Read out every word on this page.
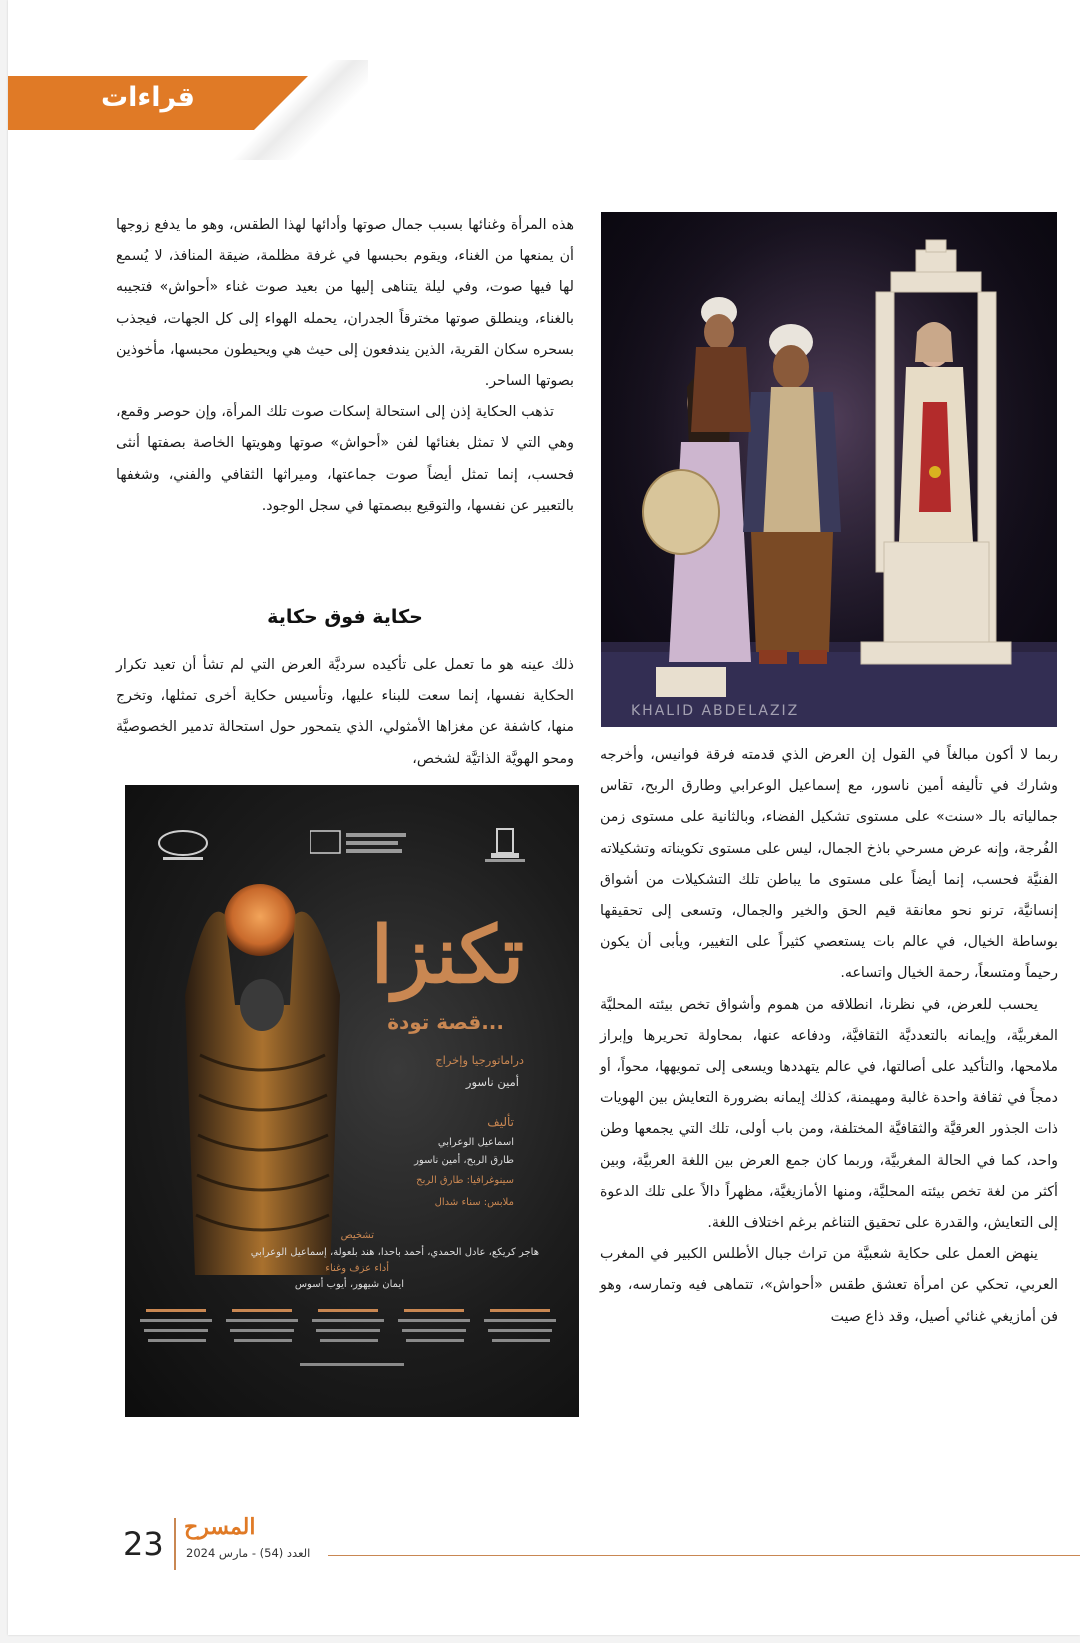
قراءات

هذه المرأة وغنائها بسبب جمال صوتها وأدائها لهذا الطقس، وهو ما يدفع زوجها أن يمنعها من الغناء، ويقوم بحبسها في غرفة مظلمة، ضيقة المنافذ، لا يُسمع لها فيها صوت، وفي ليلة يتناهى إليها من بعيد صوت غناء «أحواش» فتجيبه بالغناء، وينطلق صوتها مخترقاً الجدران، يحمله الهواء إلى كل الجهات، فيجذب بسحره سكان القرية، الذين يندفعون إلى حيث هي ويحيطون محبسها، مأخوذين بصوتها الساحر.

تذهب الحكاية إذن إلى استحالة إسكات صوت تلك المرأة، وإن حوصر وقمع، وهي التي لا تمثل بغنائها لفن «أحواش» صوتها وهويتها الخاصة بصفتها أنثى فحسب، إنما تمثل أيضاً صوت جماعتها، وميراثها الثقافي والفني، وشغفها بالتعبير عن نفسها، والتوقيع ببصمتها في سجل الوجود.

حكاية فوق حكاية

ذلك عينه هو ما تعمل على تأكيده سرديَّة العرض التي لم تشأ أن تعيد تكرار الحكاية نفسها، إنما سعت للبناء عليها، وتأسيس حكاية أخرى تمثلها، وتخرج منها، كاشفة عن مغزاها الأمثولي، الذي يتمحور حول استحالة تدمير الخصوصيَّة ومحو الهويَّة الذاتيَّة لشخص،

KHALID ABDELAZIZ
تكنزا
...قصة تودة
دراماتورجيا وإخراج
أمين ناسور
تأليف
اسماعيل الوعرابي
طارق الربح، أمين ناسور
سينوغرافيا: طارق الربح
ملابس: سناء شدال
تشخيص
هاجر كريكع، عادل الحمدي، أحمد باحدا، هند بلعولة، إسماعيل الوعرابي
أداء عزف وغناء
ايمان شيهور، أيوب أسوس

ربما لا أكون مبالغاً في القول إن العرض الذي قدمته فرقة فوانيس، وأخرجه وشارك في تأليفه أمين ناسور، مع إسماعيل الوعرابي وطارق الربح، تقاس جمالياته بالـ «سنت» على مستوى تشكيل الفضاء، وبالثانية على مستوى زمن الفُرجة، وإنه عرض مسرحي باذخ الجمال، ليس على مستوى تكويناته وتشكيلاته الفنيَّة فحسب، إنما أيضاً على مستوى ما يباطن تلك التشكيلات من أشواق إنسانيَّة، ترنو نحو معانقة قيم الحق والخير والجمال، وتسعى إلى تحقيقها بوساطة الخيال، في عالم بات يستعصي كثيراً على التغيير، ويأبى أن يكون رحيماً ومتسعاً، رحمة الخيال واتساعه.

يحسب للعرض، في نظرنا، انطلاقه من هموم وأشواق تخص بيئته المحليَّة المغربيَّة، وإيمانه بالتعدديَّة الثقافيَّة، ودفاعه عنها، بمحاولة تحريرها وإبراز ملامحها، والتأكيد على أصالتها، في عالم يتهددها ويسعى إلى تمويهها، محواً، أو دمجاً في ثقافة واحدة غالبة ومهيمنة، كذلك إيمانه بضرورة التعايش بين الهويات ذات الجذور العرقيَّة والثقافيَّة المختلفة، ومن باب أولى، تلك التي يجمعها وطن واحد، كما في الحالة المغربيَّة، وربما كان جمع العرض بين اللغة العربيَّة، وبين أكثر من لغة تخص بيئته المحليَّة، ومنها الأمازيغيَّة، مظهراً دالاً على تلك الدعوة إلى التعايش، والقدرة على تحقيق التناغم برغم اختلاف اللغة.

ينهض العمل على حكاية شعبيَّة من تراث جبال الأطلس الكبير في المغرب العربي، تحكي عن امرأة تعشق طقس «أحواش»، تتماهى فيه وتمارسه، وهو فن أمازيغي غنائي أصيل، وقد ذاع صيت

23 المسرح
العدد (54) - مارس 2024
